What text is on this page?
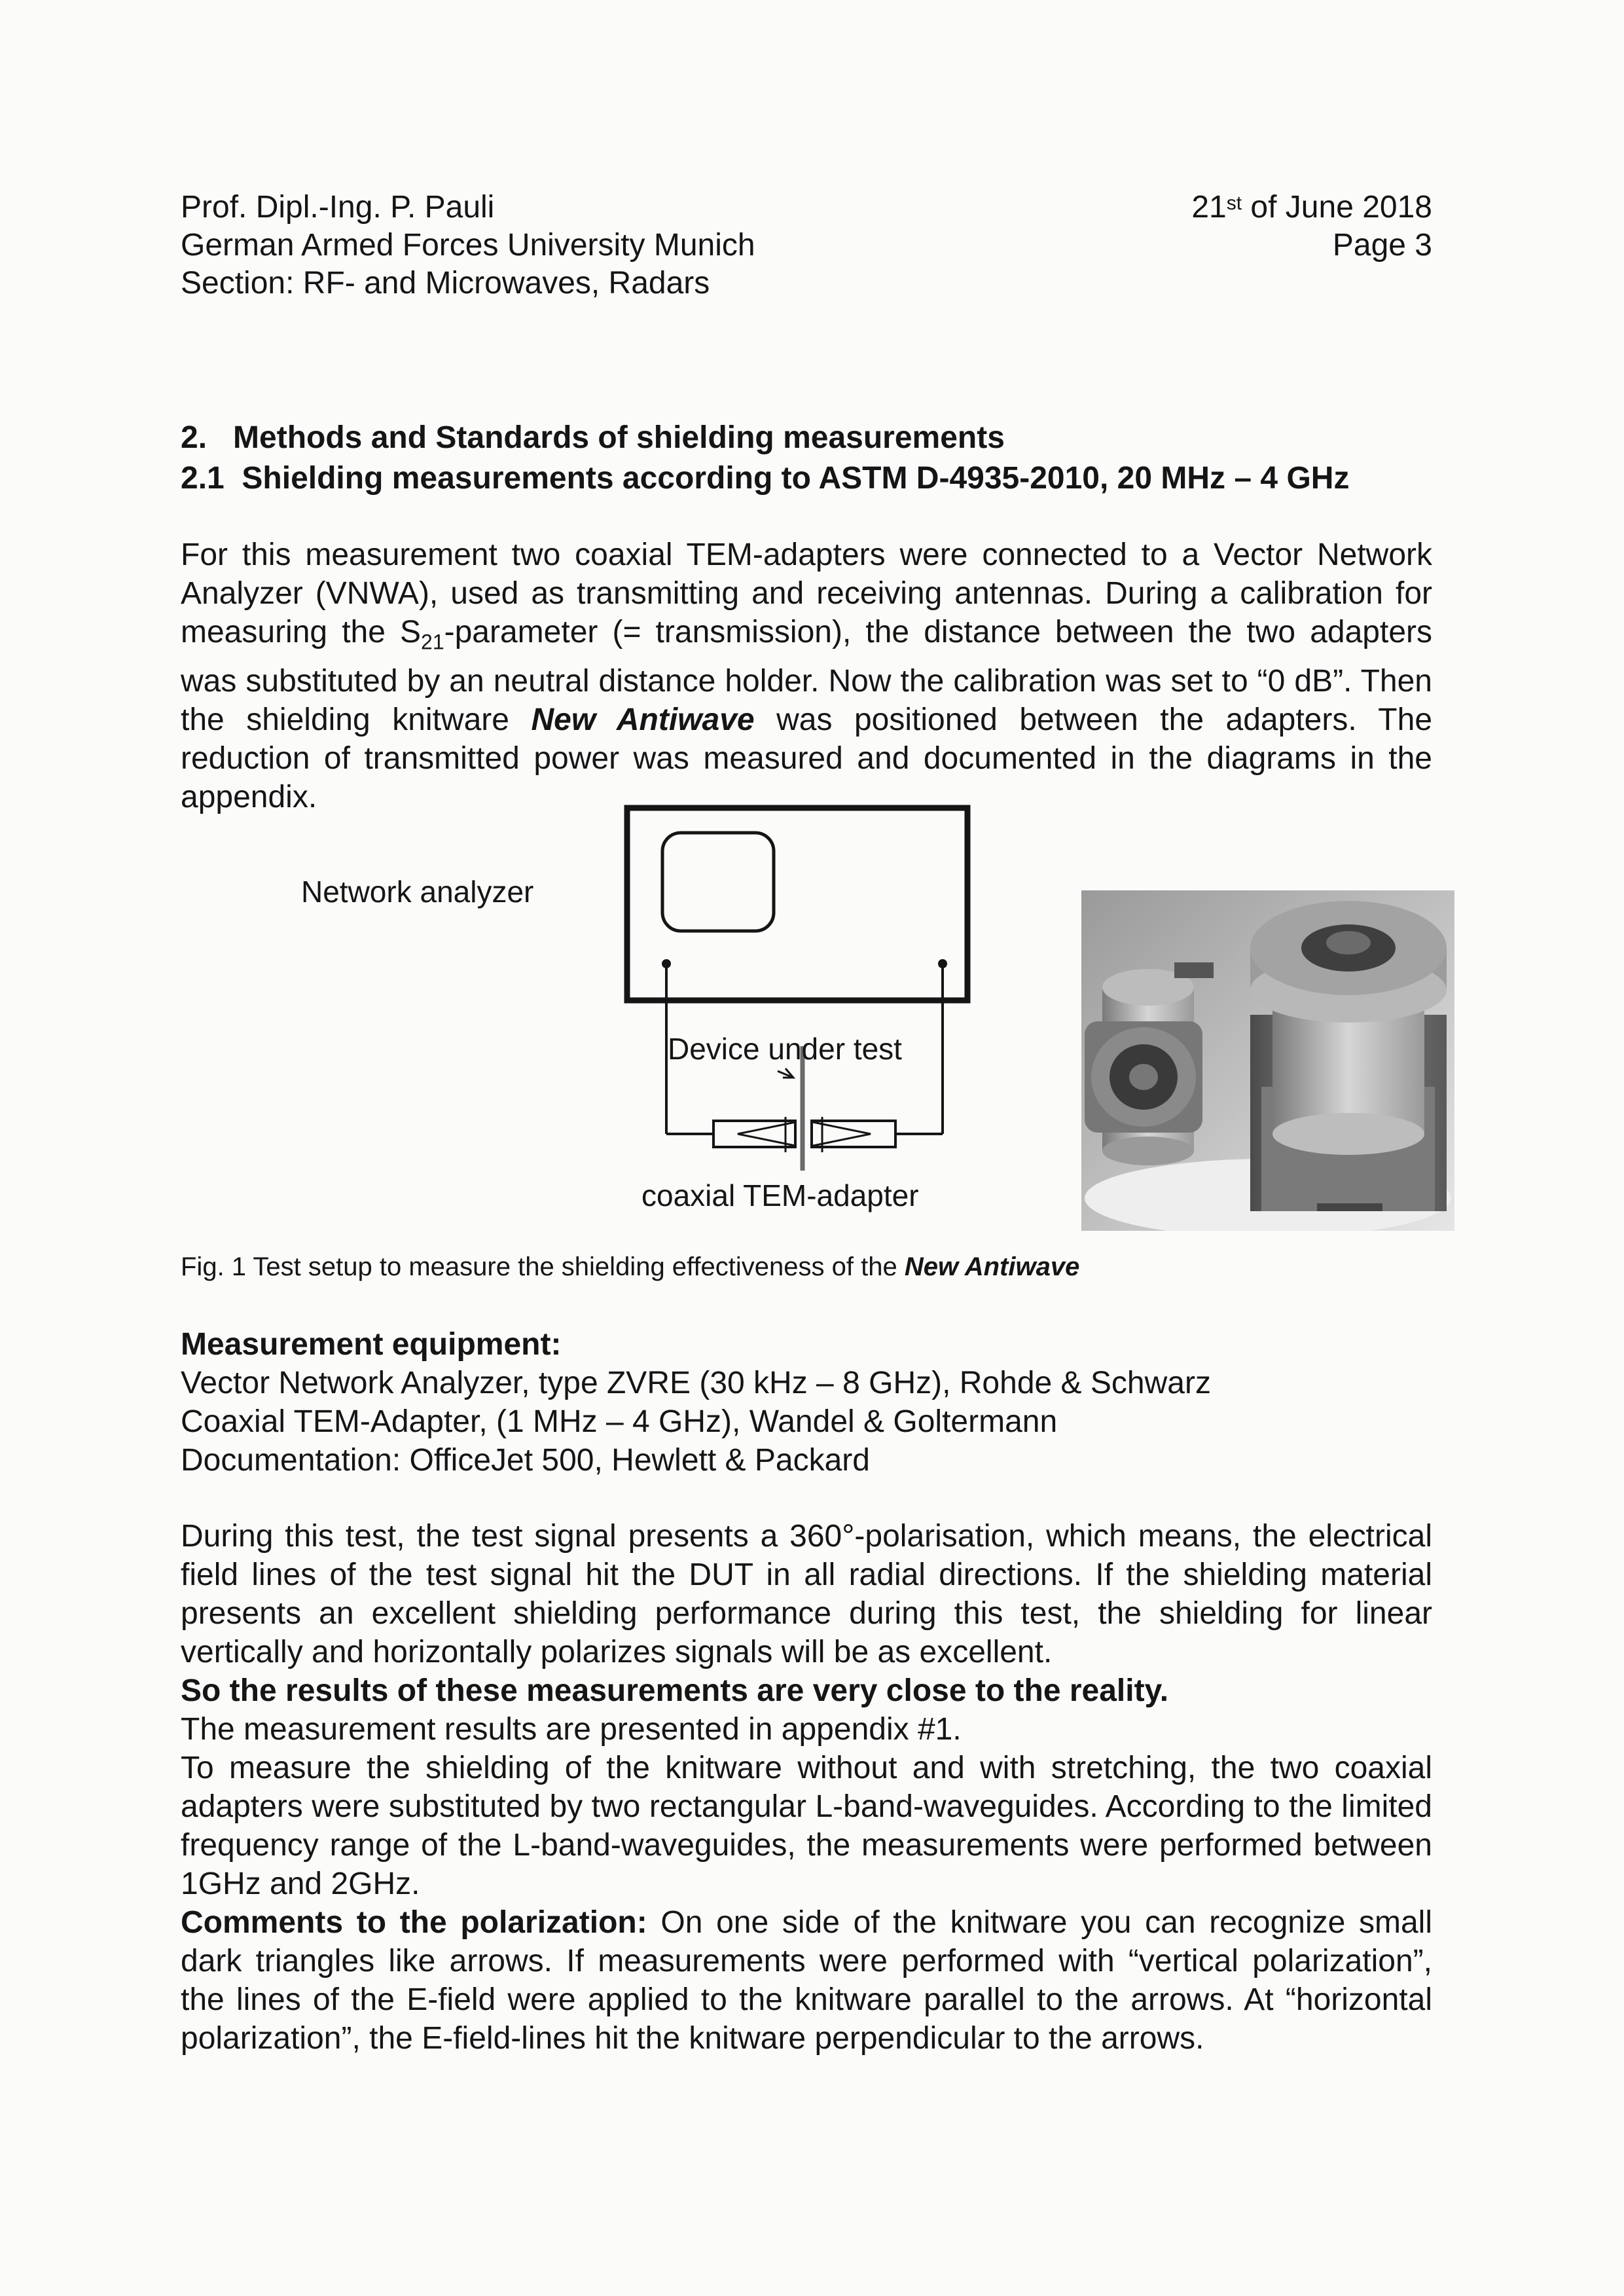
Prof. Dipl.-Ing. P. Pauli
German Armed Forces University Munich
Section: RF- and Microwaves, Radars
21st of June 2018
Page 3
2.   Methods and Standards of shielding measurements
2.1  Shielding measurements according to ASTM D-4935-2010, 20 MHz – 4 GHz
For this measurement two coaxial TEM-adapters were connected to a Vector Network Analyzer (VNWA), used as transmitting and receiving antennas. During a calibration for measuring the $S_{21}$-parameter (= transmission), the distance between the two adapters was substituted by an neutral distance holder. Now the calibration was set to “0 dB”. Then the shielding knitware New Antiwave was positioned between the adapters. The reduction of transmitted power was measured and documented in the diagrams in the appendix.
Network analyzer
Device under test
coaxial TEM-adapter
Fig. 1 Test setup to measure the shielding effectiveness of the New Antiwave
Measurement equipment:
Vector Network Analyzer, type ZVRE (30 kHz – 8 GHz), Rohde & Schwarz
Coaxial TEM-Adapter, (1 MHz – 4 GHz), Wandel & Goltermann
Documentation: OfficeJet 500, Hewlett & Packard
During this test, the test signal presents a 360°-polarisation, which means, the electrical field lines of the test signal hit the DUT in all radial directions. If the shielding material presents an excellent shielding performance during this test, the shielding for linear vertically and horizontally polarizes signals will be as excellent.
So the results of these measurements are very close to the reality.
The measurement results are presented in appendix #1.
To measure the shielding of the knitware without and with stretching, the two coaxial adapters were substituted by two rectangular L-band-waveguides. According to the limited frequency range of the L-band-waveguides, the measurements were performed between 1GHz and 2GHz.
Comments to the polarization: On one side of the knitware you can recognize small dark triangles like arrows. If measurements were performed with “vertical polarization”, the lines of the E-field were applied to the knitware parallel to the arrows. At “horizontal polarization”, the E-field-lines hit the knitware perpendicular to the arrows.
